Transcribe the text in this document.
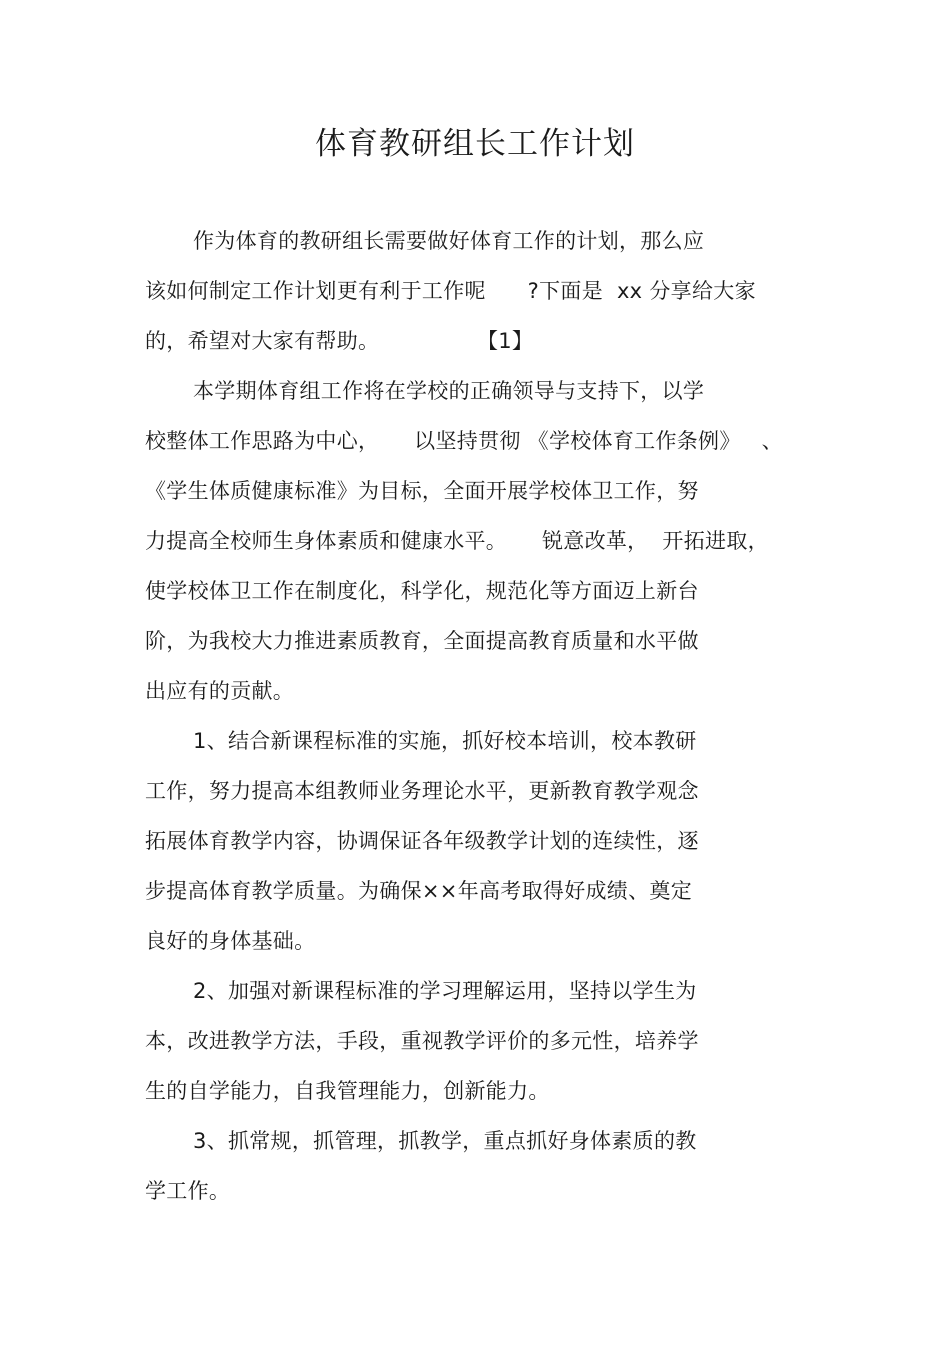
体育教研组长工作计划
作为体育的教研组长需要做好体育工作的计划，那么应
该如何制定工作计划更有利于工作呢      ?下面是  xx 分享给大家
的，希望对大家有帮助。              【1】
本学期体育组工作将在学校的正确领导与支持下，以学
校整体工作思路为中心，     以坚持贯彻 《学校体育工作条例》   、
《学生体质健康标准》为目标，全面开展学校体卫工作，努
力提高全校师生身体素质和健康水平。     锐意改革，  开拓进取，
使学校体卫工作在制度化，科学化，规范化等方面迈上新台
阶，为我校大力推进素质教育，全面提高教育质量和水平做
出应有的贡献。
1、结合新课程标准的实施，抓好校本培训，校本教研
工作，努力提高本组教师业务理论水平，更新教育教学观念
拓展体育教学内容，协调保证各年级教学计划的连续性，逐
步提高体育教学质量。为确保××年高考取得好成绩、奠定
良好的身体基础。
2、加强对新课程标准的学习理解运用，坚持以学生为
本，改进教学方法，手段，重视教学评价的多元性，培养学
生的自学能力，自我管理能力，创新能力。
3、抓常规，抓管理，抓教学，重点抓好身体素质的教
学工作。
